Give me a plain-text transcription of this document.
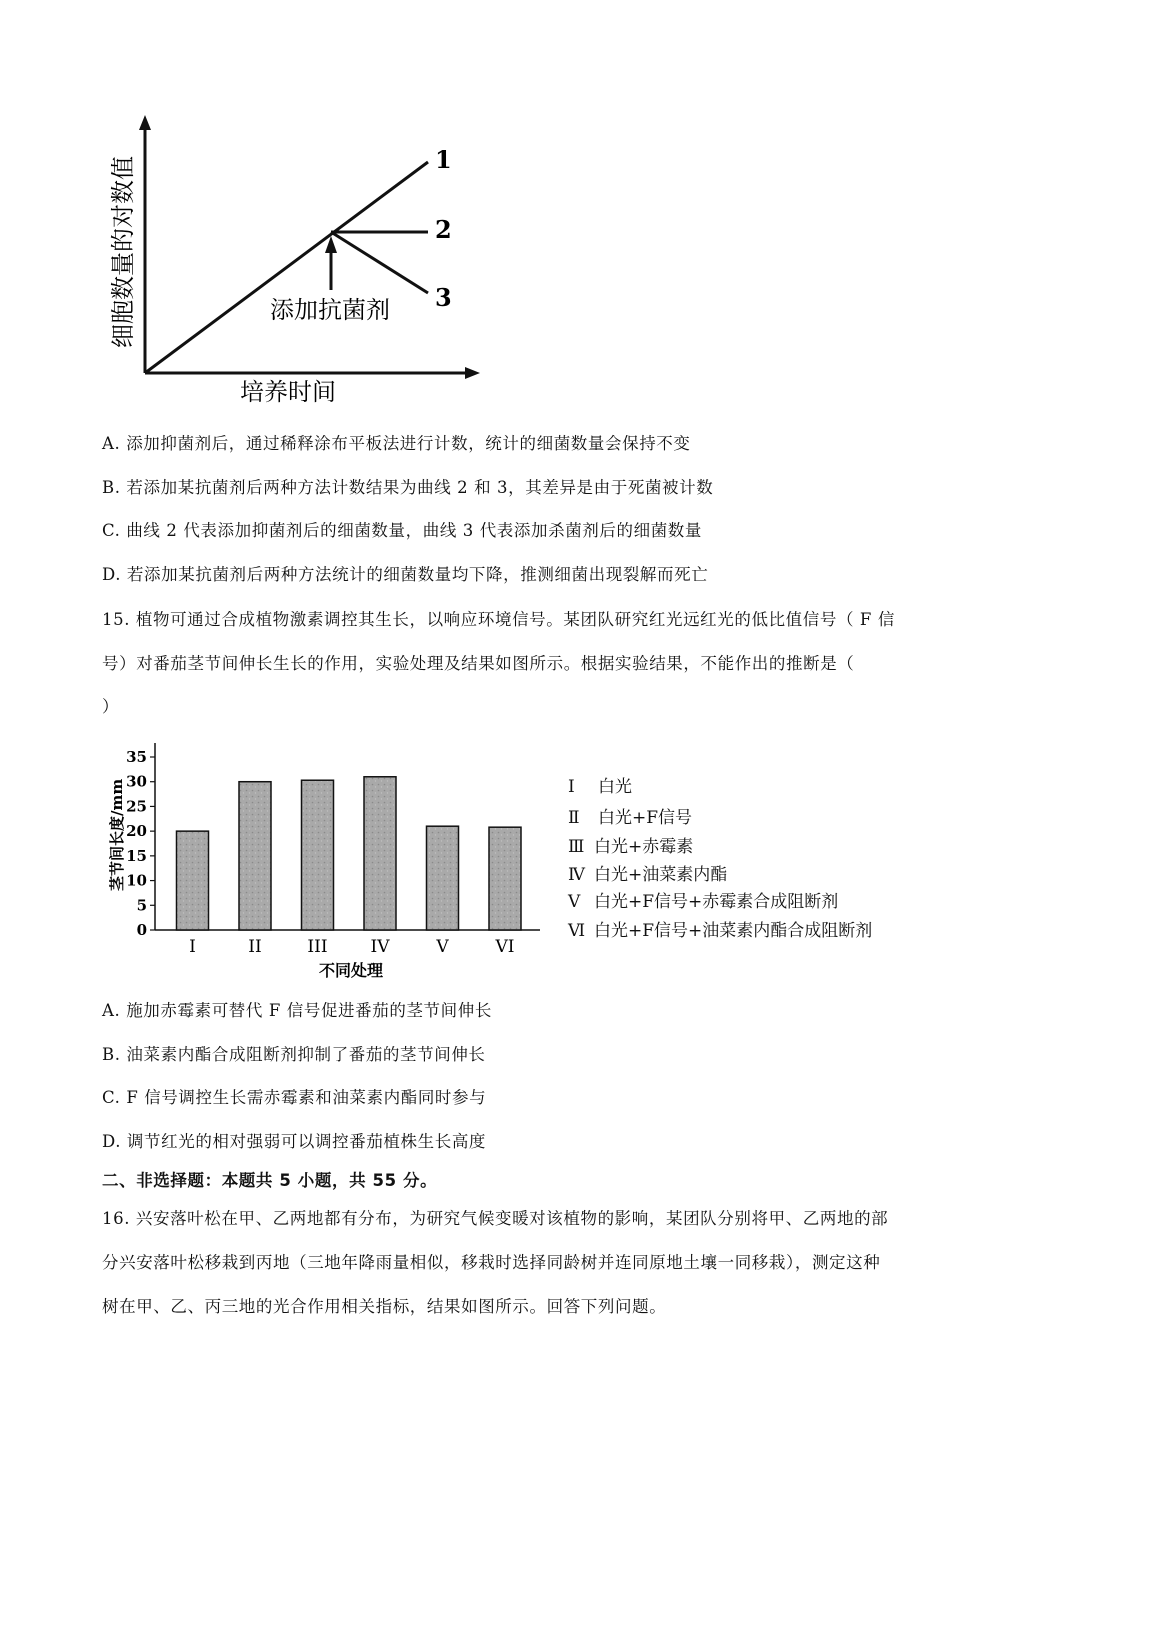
1
2
3
添加抗菌剂
培养时间
细胞数量的对数值
A. 添加抑菌剂后，通过稀释涂布平板法进行计数，统计的细菌数量会保持不变
B. 若添加某抗菌剂后两种方法计数结果为曲线 2 和 3，其差异是由于死菌被计数
C. 曲线 2 代表添加抑菌剂后的细菌数量，曲线 3 代表添加杀菌剂后的细菌数量
D. 若添加某抗菌剂后两种方法统计的细菌数量均下降，推测细菌出现裂解而死亡
15. 植物可通过合成植物激素调控其生长，以响应环境信号。某团队研究红光远红光的低比值信号（ F 信
号）对番茄茎节间伸长生长的作用，实验处理及结果如图所示。根据实验结果，不能作出的推断是（
）
0
5
10
15
20
25
30
35
I	II	III	IV	V	VI
茎节间长度/mm
不同处理
Ⅰ 白光
Ⅱ 白光+F信号
Ⅲ 白光+赤霉素
Ⅳ 白光+油菜素内酯
Ⅴ 白光+F信号+赤霉素合成阻断剂
Ⅵ 白光+F信号+油菜素内酯合成阻断剂
A. 施加赤霉素可替代 F 信号促进番茄的茎节间伸长
B. 油菜素内酯合成阻断剂抑制了番茄的茎节间伸长
C. F 信号调控生长需赤霉素和油菜素内酯同时参与
D. 调节红光的相对强弱可以调控番茄植株生长高度
二、非选择题：本题共 5 小题，共 55 分。
16. 兴安落叶松在甲、乙两地都有分布，为研究气候变暖对该植物的影响，某团队分别将甲、乙两地的部
分兴安落叶松移栽到丙地（三地年降雨量相似，移栽时选择同龄树并连同原地土壤一同移栽），测定这种
树在甲、乙、丙三地的光合作用相关指标，结果如图所示。回答下列问题。
